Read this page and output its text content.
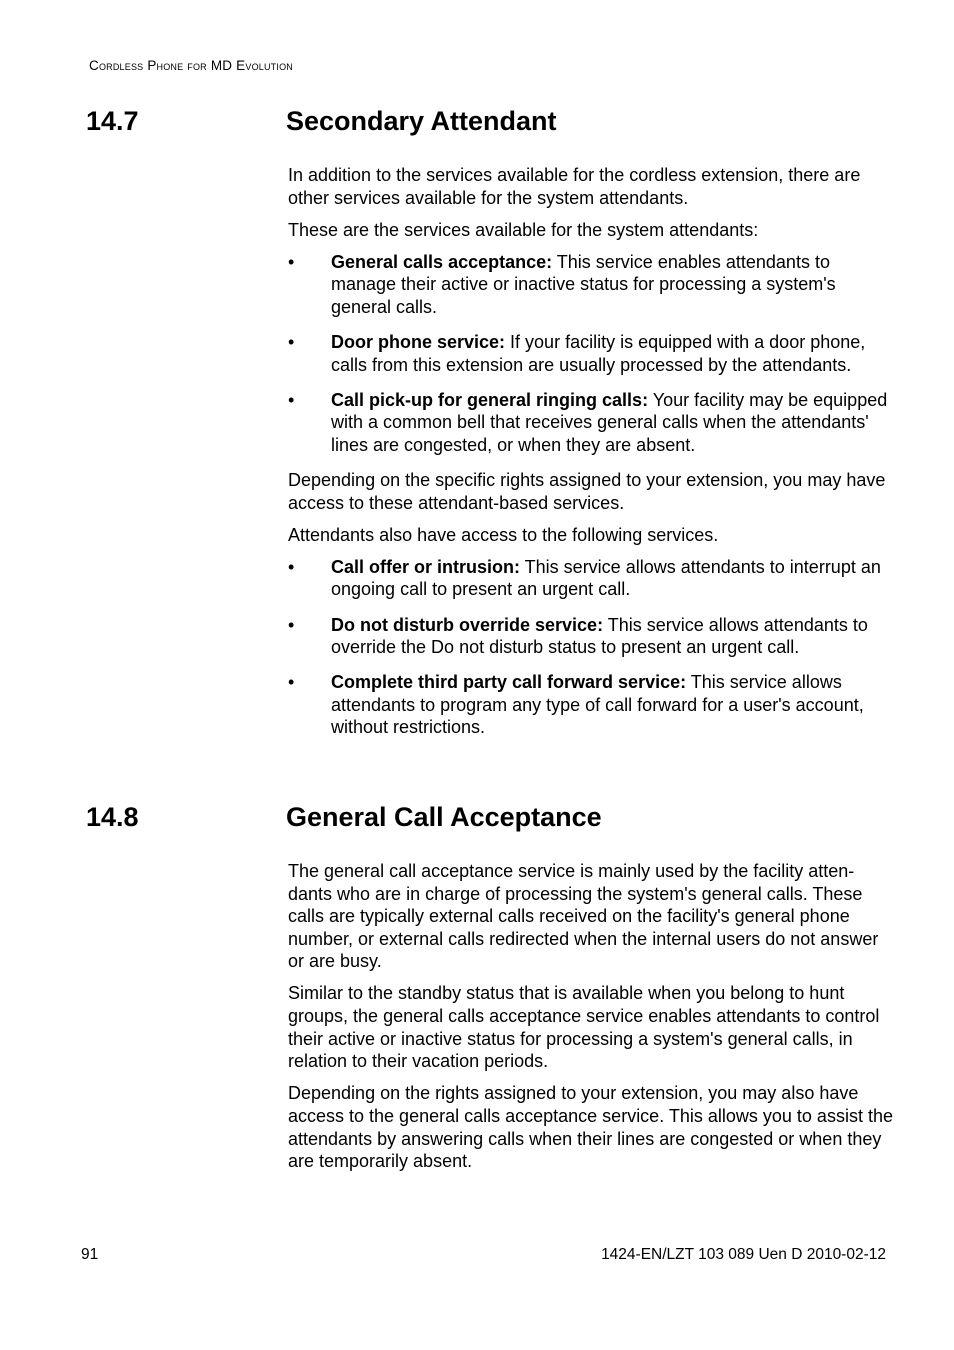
Cordless Phone for MD Evolution
14.7	Secondary Attendant

In addition to the services available for the cordless extension, there are other services available for the system attendants.

These are the services available for the system attendants:

• General calls acceptance: This service enables attendants to manage their active or inactive status for processing a system's general calls.
• Door phone service: If your facility is equipped with a door phone, calls from this extension are usually processed by the attendants.
• Call pick-up for general ringing calls: Your facility may be equipped with a common bell that receives general calls when the attendants' lines are congested, or when they are absent.

Depending on the specific rights assigned to your extension, you may have access to these attendant-based services.

Attendants also have access to the following services.

• Call offer or intrusion: This service allows attendants to interrupt an ongoing call to present an urgent call.
• Do not disturb override service: This service allows attendants to override the Do not disturb status to present an urgent call.
• Complete third party call forward service: This service allows attendants to program any type of call forward for a user's account, without restrictions.
14.8	General Call Acceptance

The general call acceptance service is mainly used by the facility atten-dants who are in charge of processing the system's general calls. These calls are typically external calls received on the facility's general phone number, or external calls redirected when the internal users do not answer or are busy.

Similar to the standby status that is available when you belong to hunt groups, the general calls acceptance service enables attendants to control their active or inactive status for processing a system's general calls, in relation to their vacation periods.

Depending on the rights assigned to your extension, you may also have access to the general calls acceptance service. This allows you to assist the attendants by answering calls when their lines are congested or when they are temporarily absent.

91	1424-EN/LZT 103 089 Uen D 2010-02-12
